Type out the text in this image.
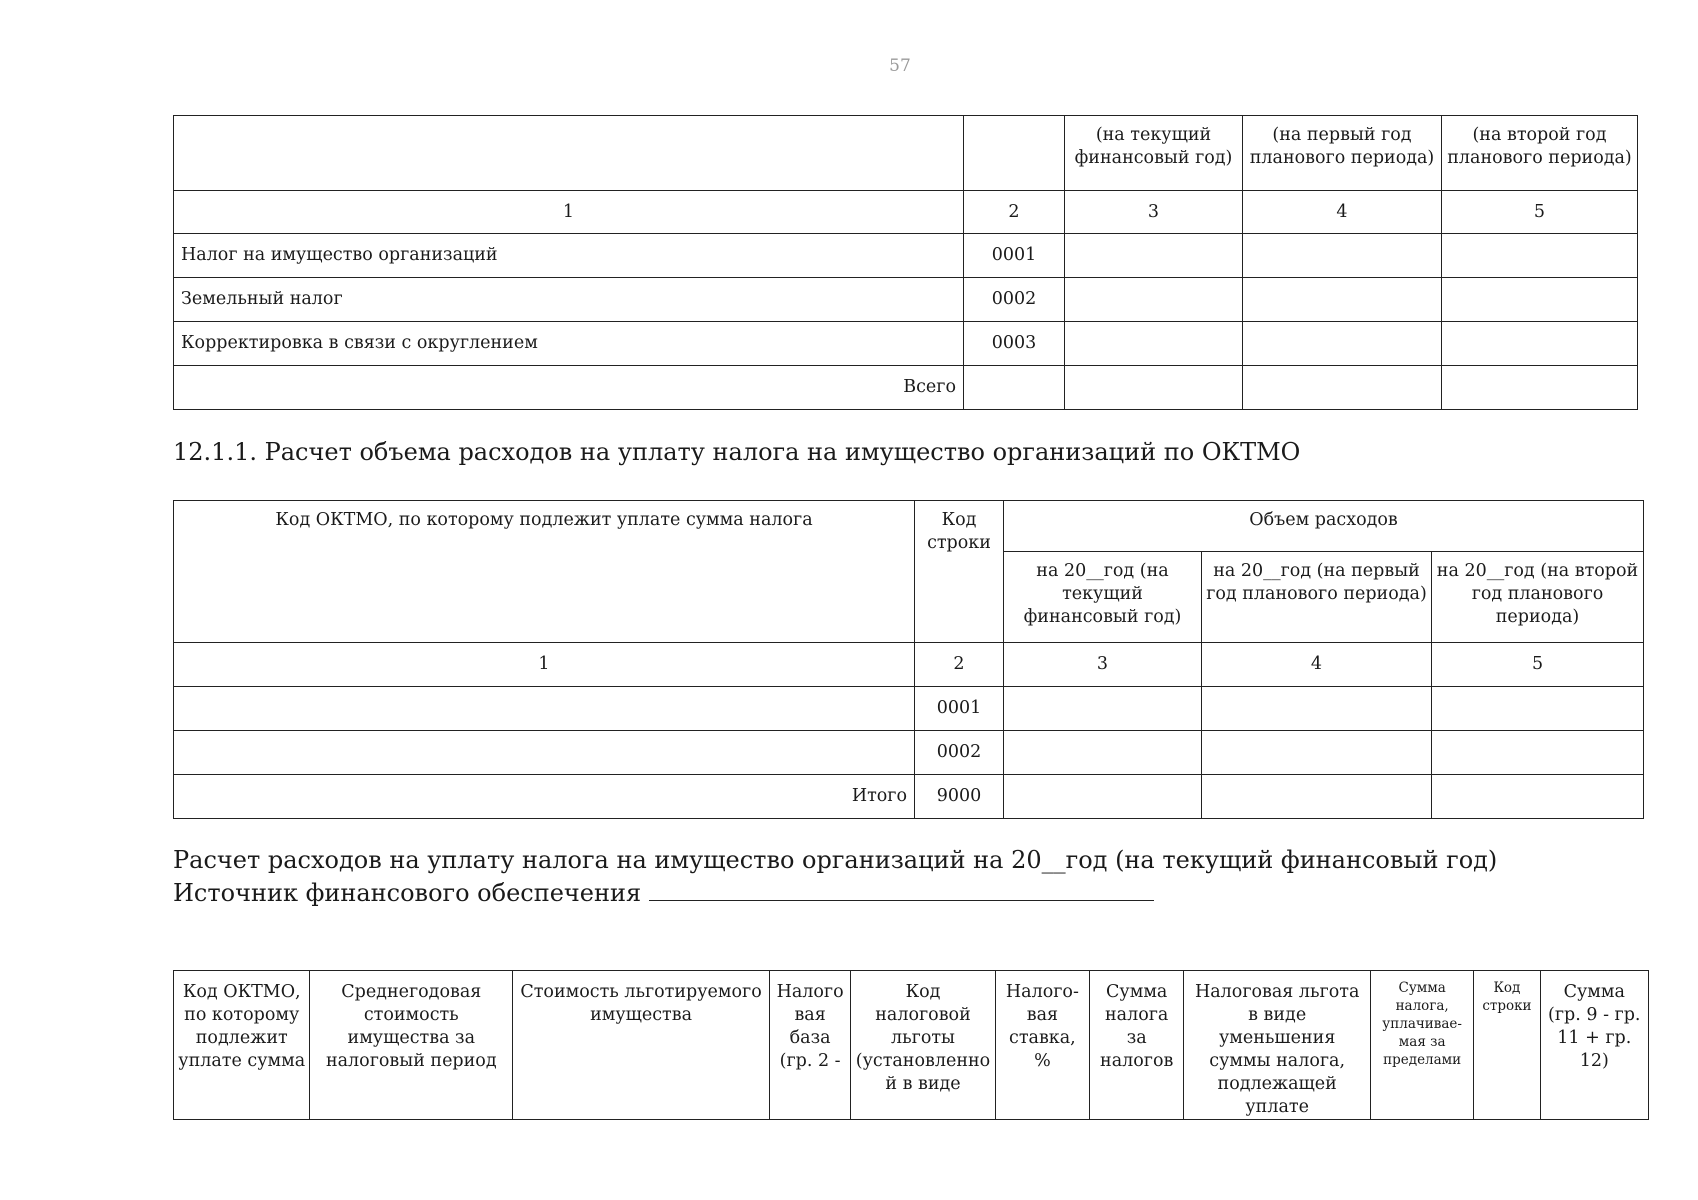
57
		(на текущий финансовый год)	(на первый год планового периода)	(на второй год планового периода)
1	2	3	4	5
Налог на имущество организаций	0001			
Земельный налог	0002			
Корректировка в связи с округлением	0003			
Всего				
12.1.1. Расчет объема расходов на уплату налога на имущество организаций по ОКТМО
Код ОКТМО, по которому подлежит уплате сумма налога	Код строки	Объем расходов		
		на 20__год (на текущий финансовый год)	на 20__год (на первый год планового периода)	на 20__год (на второй год планового периода)
1	2	3	4	5
	0001			
	0002			
Итого	9000			
Расчет расходов на уплату налога на имущество организаций на 20__год (на текущий финансовый год)
Источник финансового обеспечения
Код ОКТМО, по которому подлежит уплате сумма	Среднегодовая стоимость имущества за налоговый период	Стоимость льготируемого имущества	Налого вая база (гр. 2 -	Код налоговой льготы (установленно й в виде	Налого-вая ставка, %	Сумма налога за налогов	Налоговая льгота в виде уменьшения суммы налога, подлежащей уплате	Сумма налога, уплачивае-мая за пределами	Код строки	Сумма (гр. 9 - гр. 11 + гр. 12)
